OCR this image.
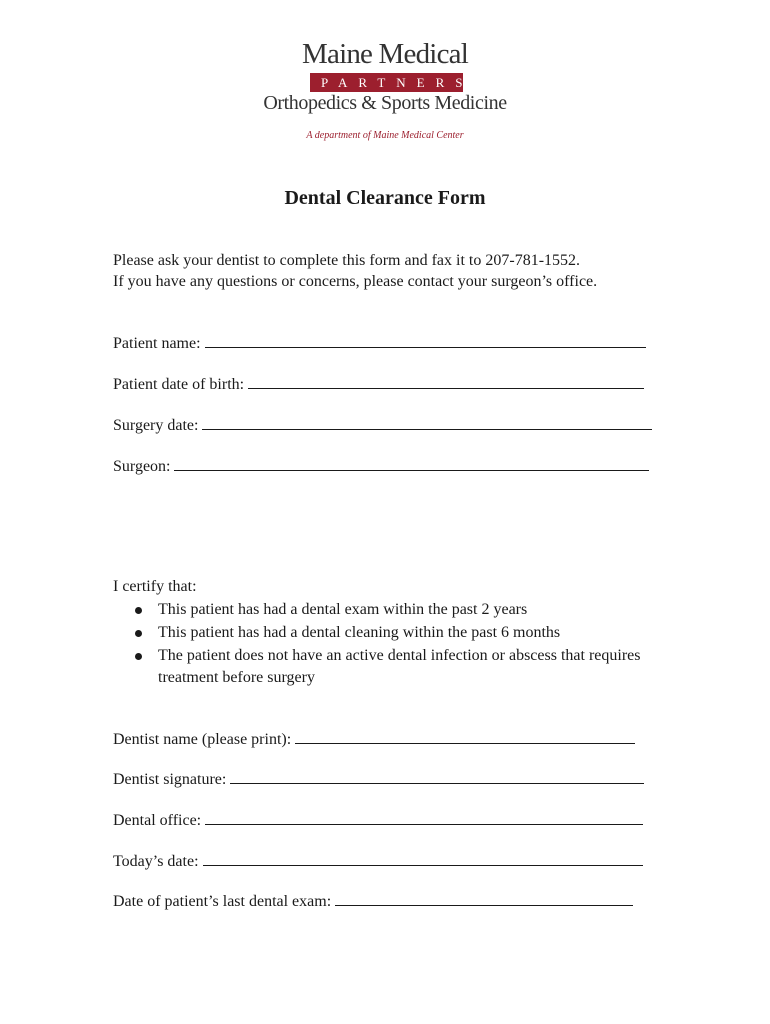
Maine Medical
PARTNERS
Orthopedics & Sports Medicine
A department of Maine Medical Center
Dental Clearance Form
Please ask your dentist to complete this form and fax it to 207-781-1552.
If you have any questions or concerns, please contact your surgeon’s office.
Patient name:
Patient date of birth:
Surgery date:
Surgeon:
I certify that:
This patient has had a dental exam within the past 2 years
This patient has had a dental cleaning within the past 6 months
The patient does not have an active dental infection or abscess that requires treatment before surgery
Dentist name (please print):
Dentist signature:
Dental office:
Today’s date:
Date of patient’s last dental exam:
